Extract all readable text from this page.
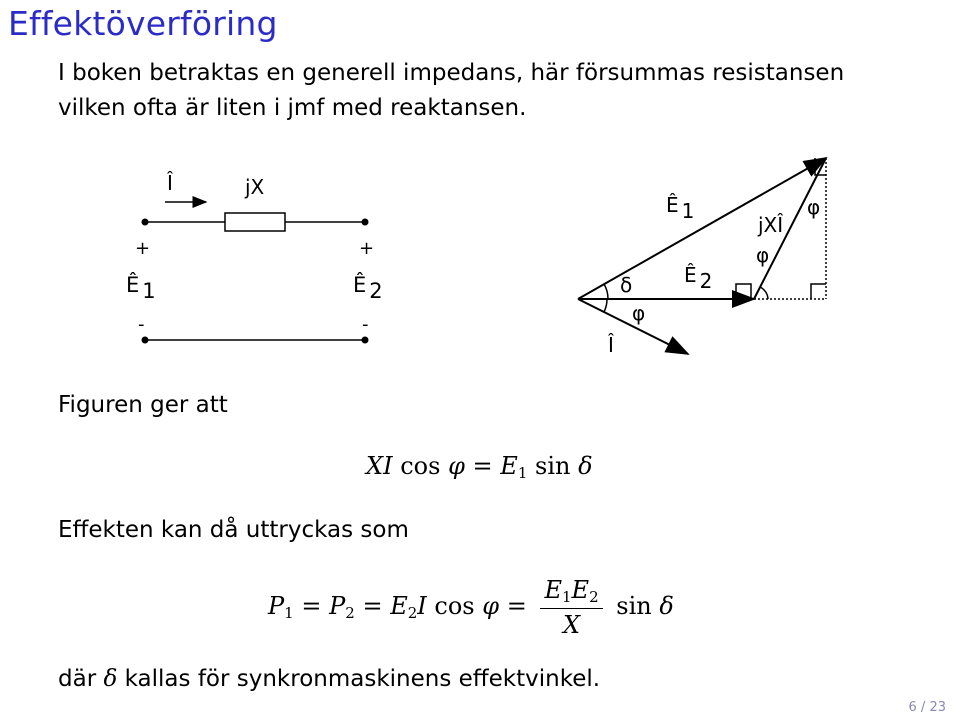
Effektöverföring
I boken betraktas en generell impedans, här försummas resistansen
vilken ofta är liten i jmf med reaktansen.
Î	jX
+
Ê 1
-
+
Ê 2
-
Ê 1
Ê 2
jXÎ
δ
φ
φ
φ
Î
Figuren ger att
XI $\cos \varphi = E_1$ sin δ
Effekten kan då uttryckas som
$P_1 = P_2 = E_2I$ $\cos \varphi = \frac{E_1E_2}{X}$ sin δ
där δ kallas för synkronmaskinens effektvinkel.
6 / 23
